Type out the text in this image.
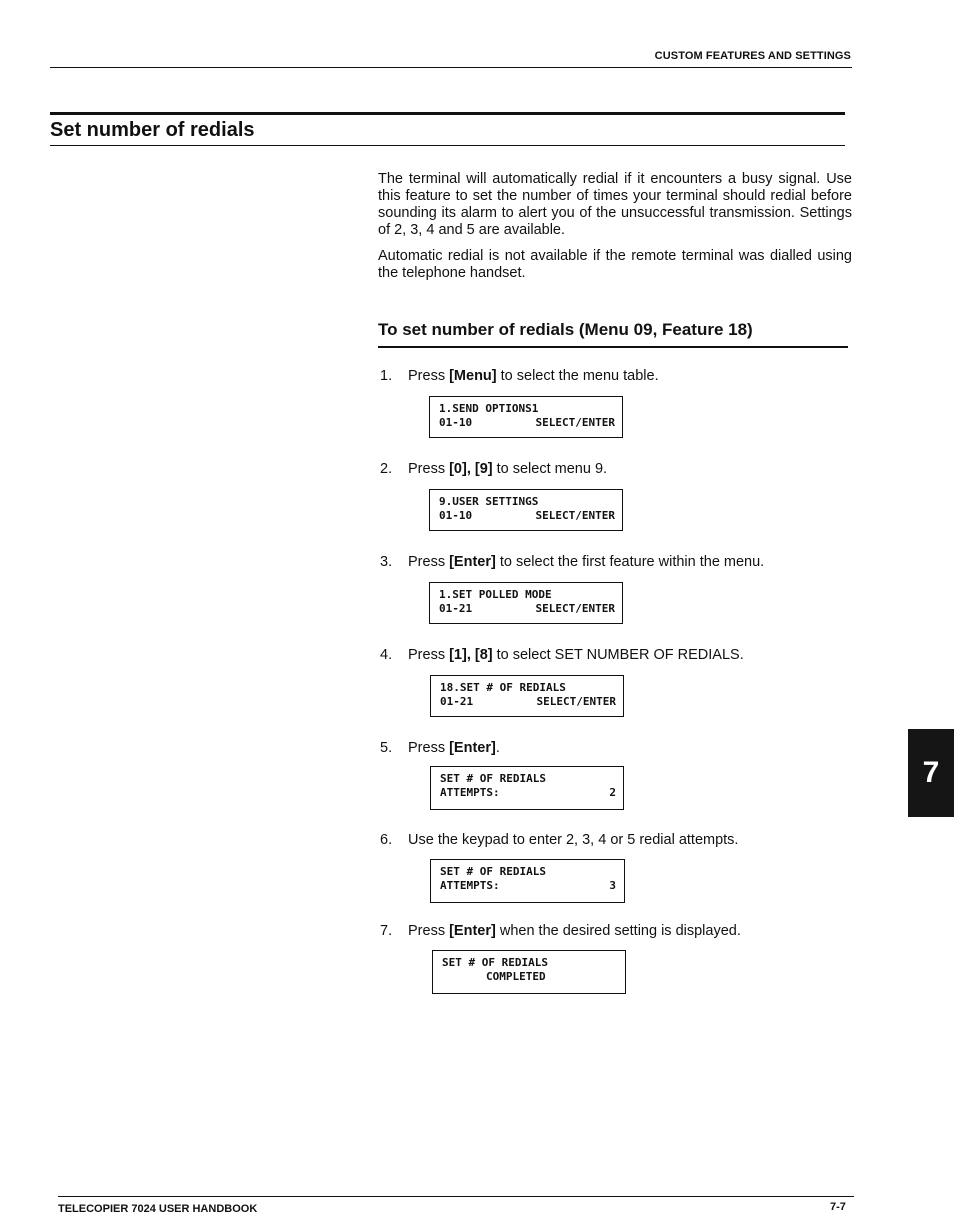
CUSTOM FEATURES AND SETTINGS
Set number of redials
The terminal will automatically redial if it encounters a busy signal. Use this feature to set the number of times your terminal should redial before sounding its alarm to alert you of the unsuccessful transmission. Settings of 2, 3, 4 and 5 are available.
Automatic redial is not available if the remote terminal was dialled using the telephone handset.
To set number of redials (Menu 09, Feature 18)
1. Press [Menu] to select the menu table.
1.SEND OPTIONS1
01-10	SELECT/ENTER
2. Press [0], [9] to select menu 9.
9.USER SETTINGS
01-10	SELECT/ENTER
3. Press [Enter] to select the first feature within the menu.
1.SET POLLED MODE
01-21	SELECT/ENTER
4. Press [1], [8] to select SET NUMBER OF REDIALS.
18.SET # OF REDIALS
01-21	SELECT/ENTER
5. Press [Enter].
SET # OF REDIALS
ATTEMPTS:	2
6. Use the keypad to enter 2, 3, 4 or 5 redial attempts.
SET # OF REDIALS
ATTEMPTS:	3
7. Press [Enter] when the desired setting is displayed.
SET # OF REDIALS
COMPLETED
7
TELECOPIER 7024 USER HANDBOOK	7-7
